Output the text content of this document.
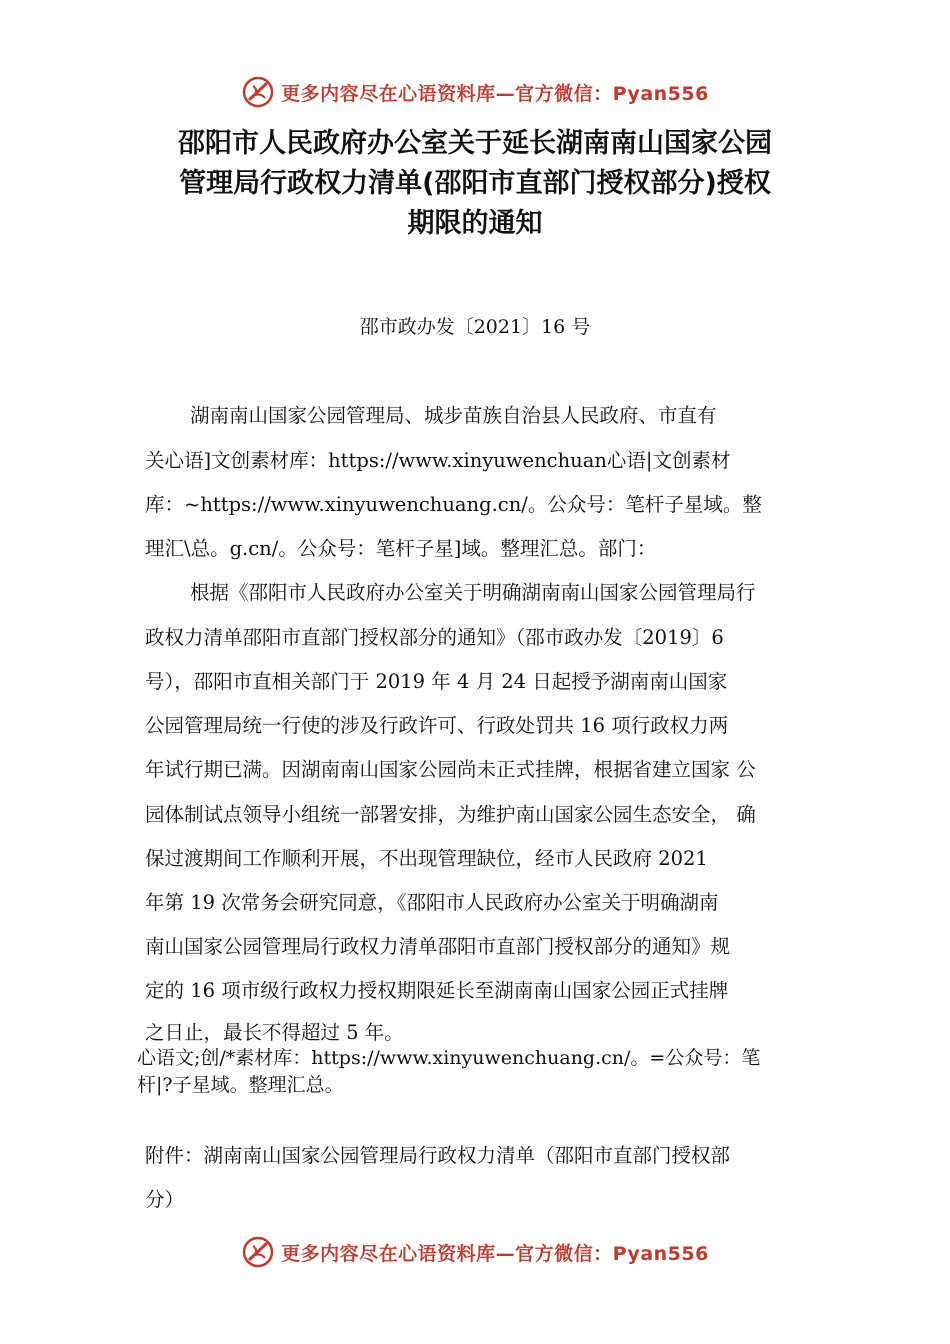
更多内容尽在心语资料库—官方微信：Pyan556
邵阳市人民政府办公室关于延长湖南南山国家公园
管理局行政权力清单(邵阳市直部门授权部分)授权
期限的通知
邵市政办发〔2021〕16 号
湖南南山国家公园管理局、城步苗族自治县人民政府、市直有
关心语]文创素材库：https://www.xinyuwenchuan心语|文创素材
库：~https://www.xinyuwenchuang.cn/。公众号：笔杆子星域。整
理汇\总。g.cn/。公众号：笔杆子星]域。整理汇总。部门：
根据《邵阳市人民政府办公室关于明确湖南南山国家公园管理局行
政权力清单邵阳市直部门授权部分的通知》（邵市政办发〔2019〕6
号），邵阳市直相关部门于 2019 年 4 月 24 日起授予湖南南山国家
公园管理局统一行使的涉及行政许可、行政处罚共 16 项行政权力两
年试行期已满。因湖南南山国家公园尚未正式挂牌，根据省建立国家 公
园体制试点领导小组统一部署安排，为维护南山国家公园生态安全， 确
保过渡期间工作顺利开展，不出现管理缺位，经市人民政府 2021
年第 19 次常务会研究同意，《邵阳市人民政府办公室关于明确湖南
南山国家公园管理局行政权力清单邵阳市直部门授权部分的通知》规
定的 16 项市级行政权力授权期限延长至湖南南山国家公园正式挂牌
之日止，最长不得超过 5 年。
心语文;创/*素材库：https://www.xinyuwenchuang.cn/。=公众号：笔
杆|?子星域。整理汇总。
附件：湖南南山国家公园管理局行政权力清单（邵阳市直部门授权部
分）
更多内容尽在心语资料库—官方微信：Pyan556
